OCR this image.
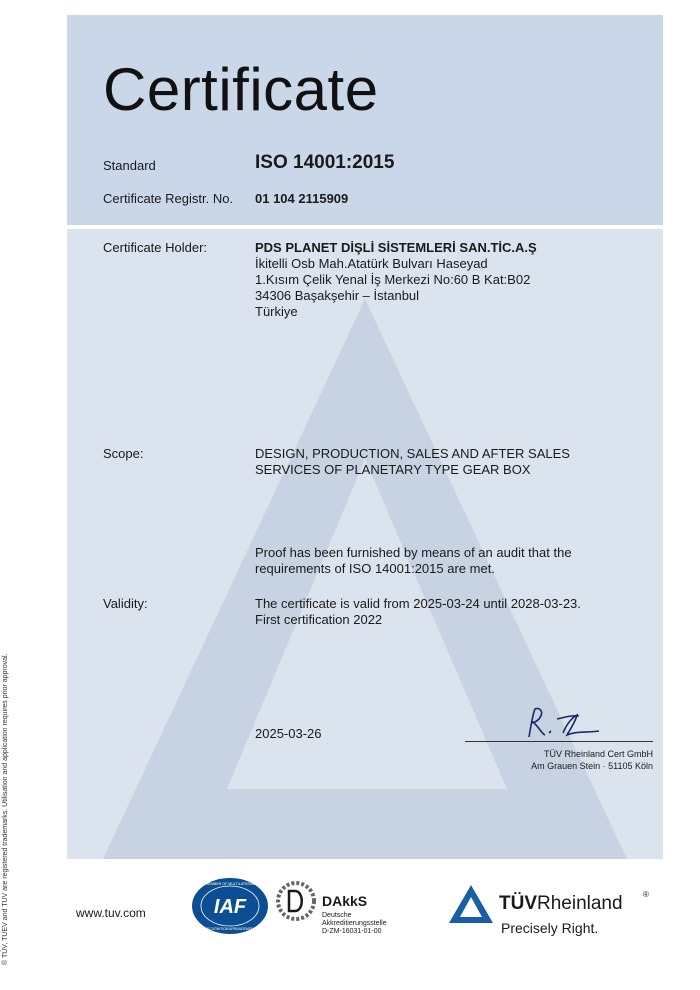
Certificate
Standard	ISO 14001:2015
Certificate Registr. No. 01 104 2115909
Certificate Holder:	PDS PLANET DİŞLİ SİSTEMLERİ SAN.TİC.A.Ş
İkitelli Osb Mah.Atatürk Bulvarı Haseyad
1.Kısım Çelik Yenal İş Merkezi No:60 B Kat:B02
34306 Başakşehir – İstanbul
Türkiye
Scope:	DESIGN, PRODUCTION, SALES AND AFTER SALES
SERVICES OF PLANETARY TYPE GEAR BOX
Proof has been furnished by means of an audit that the
requirements of ISO 14001:2015 are met.
Validity:	The certificate is valid from 2025-03-24 until 2028-03-23.
First certification 2022
2025-03-26
TÜV Rheinland Cert GmbH
Am Grauen Stein · 51105 Köln
® TÜV, TUEV and TUV are registered trademarks. Utilisation and application requires prior approval.	www.tuv.com	IAF
MEMBER OF MULTILATERAL
RECOGNITION ARRANGEMENT
DAkkS
Deutsche
Akkreditierungsstelle
D-ZM-16031-01-00
TÜVRheinland	®
Precisely Right.
